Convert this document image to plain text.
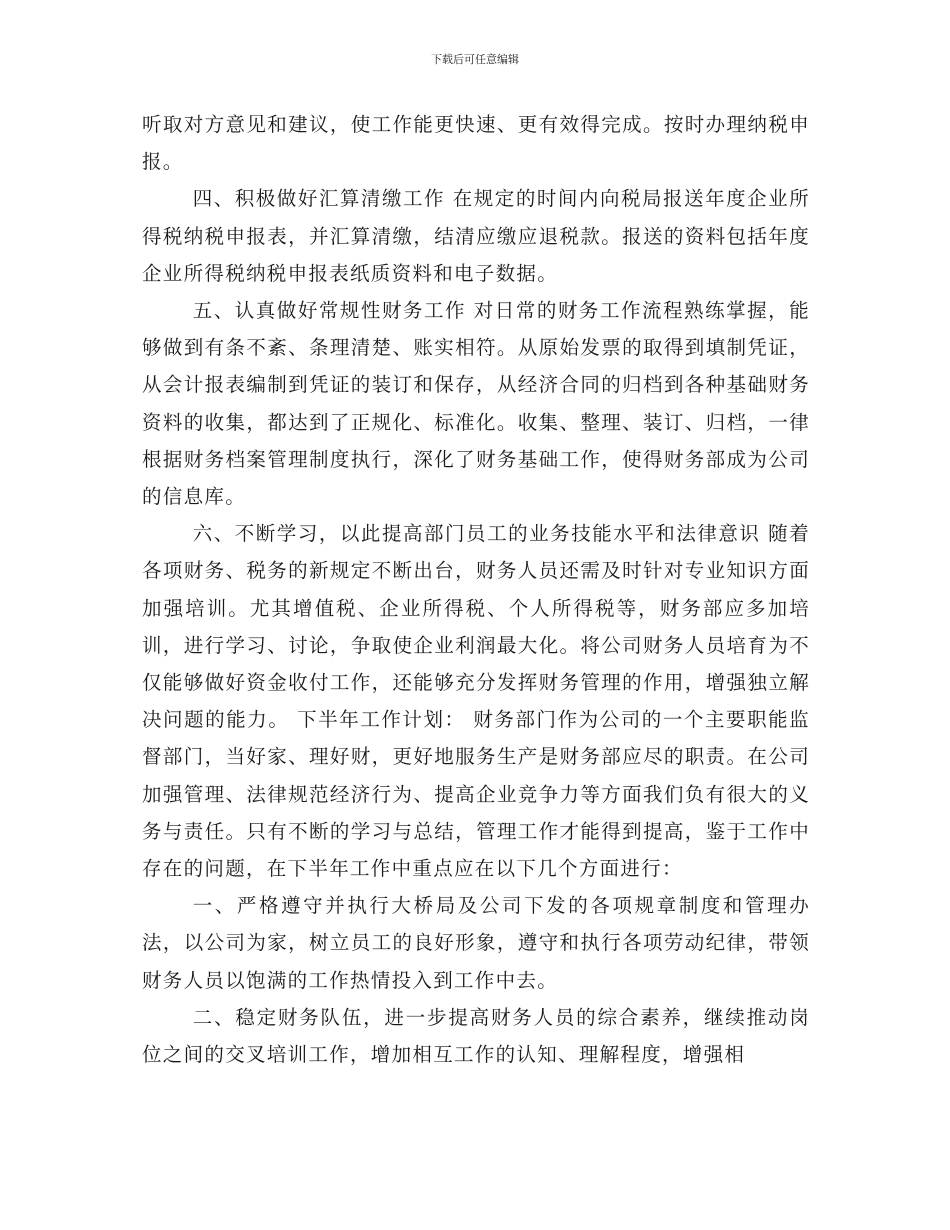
下载后可任意编辑

听取对方意见和建议，使工作能更快速、更有效得完成。按时办理纳税申报。

四、积极做好汇算清缴工作 在规定的时间内向税局报送年度企业所得税纳税申报表，并汇算清缴，结清应缴应退税款。报送的资料包括年度企业所得税纳税申报表纸质资料和电子数据。

五、认真做好常规性财务工作 对日常的财务工作流程熟练掌握，能够做到有条不紊、条理清楚、账实相符。从原始发票的取得到填制凭证，从会计报表编制到凭证的装订和保存，从经济合同的归档到各种基础财务资料的收集，都达到了正规化、标准化。收集、整理、装订、归档，一律根据财务档案管理制度执行，深化了财务基础工作，使得财务部成为公司的信息库。

六、不断学习，以此提高部门员工的业务技能水平和法律意识 随着各项财务、税务的新规定不断出台，财务人员还需及时针对专业知识方面加强培训。尤其增值税、企业所得税、个人所得税等，财务部应多加培训，进行学习、讨论，争取使企业利润最大化。将公司财务人员培育为不仅能够做好资金收付工作，还能够充分发挥财务管理的作用，增强独立解决问题的能力。 下半年工作计划： 财务部门作为公司的一个主要职能监督部门，当好家、理好财，更好地服务生产是财务部应尽的职责。在公司加强管理、法律规范经济行为、提高企业竞争力等方面我们负有很大的义务与责任。只有不断的学习与总结，管理工作才能得到提高，鉴于工作中存在的问题，在下半年工作中重点应在以下几个方面进行：

一、严格遵守并执行大桥局及公司下发的各项规章制度和管理办法，以公司为家，树立员工的良好形象，遵守和执行各项劳动纪律，带领财务人员以饱满的工作热情投入到工作中去。

二、稳定财务队伍，进一步提高财务人员的综合素养，继续推动岗位之间的交叉培训工作，增加相互工作的认知、理解程度，增强相
